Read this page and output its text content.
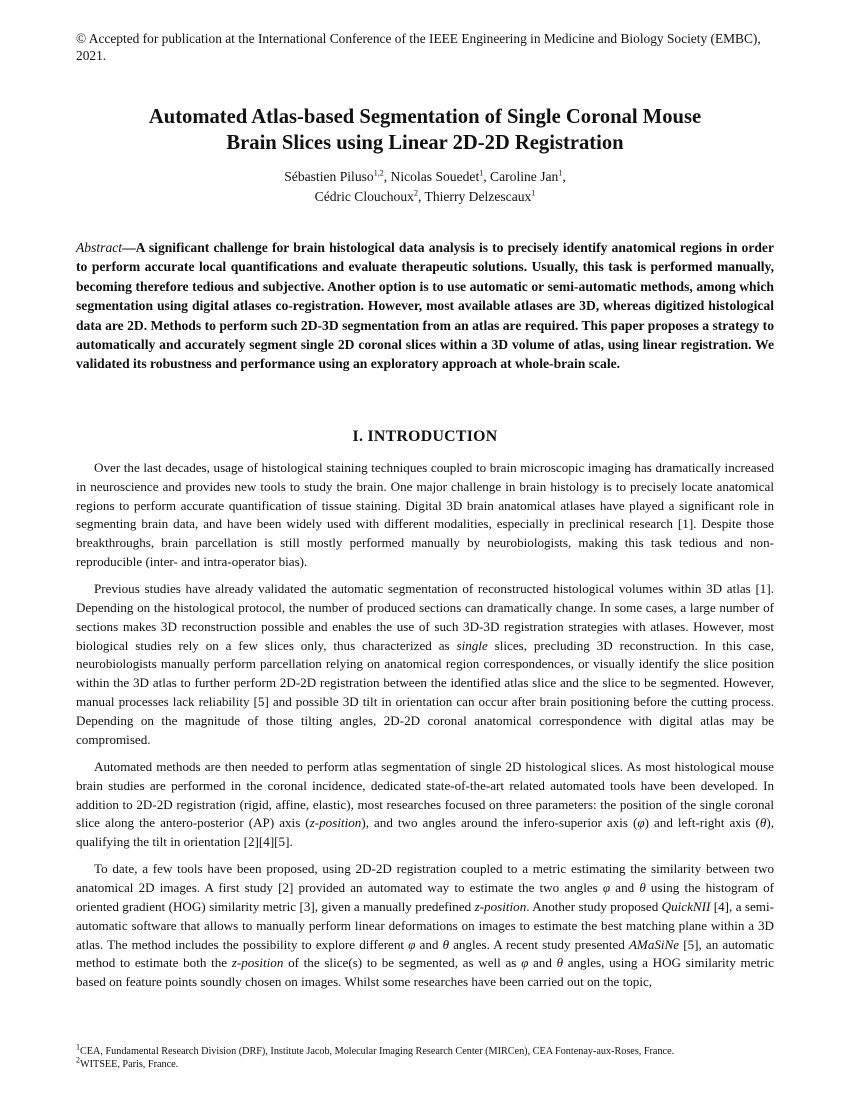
© Accepted for publication at the International Conference of the IEEE Engineering in Medicine and Biology Society (EMBC), 2021.
Automated Atlas-based Segmentation of Single Coronal Mouse
Brain Slices using Linear 2D-2D Registration
Sébastien Piluso$^{1,2}$, Nicolas Souedet$^1$, Caroline Jan$^1$,
Cédric Clouchoux$^2$, Thierry Delzescaux$^1$
Abstract—A significant challenge for brain histological data analysis is to precisely identify anatomical regions in order to perform accurate local quantifications and evaluate therapeutic solutions. Usually, this task is performed manually, becoming therefore tedious and subjective. Another option is to use automatic or semi-automatic methods, among which segmentation using digital atlases co-registration. However, most available atlases are 3D, whereas digitized histological data are 2D. Methods to perform such 2D-3D segmentation from an atlas are required. This paper proposes a strategy to automatically and accurately segment single 2D coronal slices within a 3D volume of atlas, using linear registration. We validated its robustness and performance using an exploratory approach at whole-brain scale.
I. INTRODUCTION

Over the last decades, usage of histological staining techniques coupled to brain microscopic imaging has dramatically increased in neuroscience and provides new tools to study the brain. One major challenge in brain histology is to precisely locate anatomical regions to perform accurate quantification of tissue staining. Digital 3D brain anatomical atlases have played a significant role in segmenting brain data, and have been widely used with different modalities, especially in preclinical research [1]. Despite those breakthroughs, brain parcellation is still mostly performed manually by neurobiologists, making this task tedious and non-reproducible (inter- and intra-operator bias).

Previous studies have already validated the automatic segmentation of reconstructed histological volumes within 3D atlas [1]. Depending on the histological protocol, the number of produced sections can dramatically change. In some cases, a large number of sections makes 3D reconstruction possible and enables the use of such 3D-3D registration strategies with atlases. However, most biological studies rely on a few slices only, thus characterized as single slices, precluding 3D reconstruction. In this case, neurobiologists manually perform parcellation relying on anatomical region correspondences, or visually identify the slice position within the 3D atlas to further perform 2D-2D registration between the identified atlas slice and the slice to be segmented. However, manual processes lack reliability [5] and possible 3D tilt in orientation can occur after brain positioning before the cutting process. Depending on the magnitude of those tilting angles, 2D-2D coronal anatomical correspondence with digital atlas may be compromised.

Automated methods are then needed to perform atlas segmentation of single 2D histological slices. As most histological mouse brain studies are performed in the coronal incidence, dedicated state-of-the-art related automated tools have been developed. In addition to 2D-2D registration (rigid, affine, elastic), most researches focused on three parameters: the position of the single coronal slice along the antero-posterior (AP) axis (z-position), and two angles around the infero-superior axis (φ) and left-right axis (θ), qualifying the tilt in orientation [2][4][5].

To date, a few tools have been proposed, using 2D-2D registration coupled to a metric estimating the similarity between two anatomical 2D images. A first study [2] provided an automated way to estimate the two angles φ and θ using the histogram of oriented gradient (HOG) similarity metric [3], given a manually predefined z-position. Another study proposed QuickNII [4], a semi-automatic software that allows to manually perform linear deformations on images to estimate the best matching plane within a 3D atlas. The method includes the possibility to explore different φ and θ angles. A recent study presented AMaSiNe [5], an automatic method to estimate both the z-position of the slice(s) to be segmented, as well as φ and θ angles, using a HOG similarity metric based on feature points soundly chosen on images. Whilst some researches have been carried out on the topic,

$^1$CEA, Fundamental Research Division (DRF), Institute Jacob, Molecular Imaging Research Center (MIRCen), CEA Fontenay-aux-Roses, France.
$^2$WITSEE, Paris, France.
